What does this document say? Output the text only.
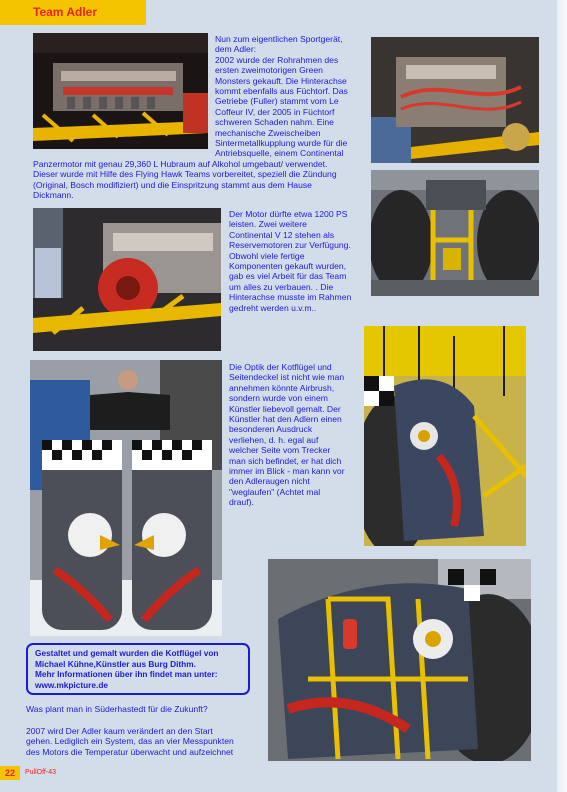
Team Adler
Nun zum eigentlichen Sportgerät,
dem Adler:
2002 wurde der Rohrahmen des
ersten zweimotorigen Green
Monsters gekauft. Die Hinterachse
kommt ebenfalls aus Füchtorf. Das
Getriebe (Fuller) stammt vom Le
Coffeur IV, der 2005 in Füchtorf
schweren Schaden nahm. Eine
mechanische Zweischeiben
Sintermetallkupplung wurde für die
Antriebsquelle, einem Continental
Panzermotor mit genau 29,360 L Hubraum auf Alkohol umgebaut/ verwendet.
Dieser wurde mit Hilfe des Flying Hawk Teams vorbereitet, speziell die Zündung
(Original, Bosch modifiziert) und die Einspritzung stammt aus dem Hause
Dickmann.
Der Motor dürfte etwa 1200 PS
leisten. Zwei weitere
Continental V 12 stehen als
Reservemotoren zur Verfügung.
Obwohl viele fertige
Komponenten gekauft wurden,
gab es viel Arbeit für das Team
um alles zu verbauen. . Die
Hinterachse musste im Rahmen
gedreht werden u.v.m..
Die Optik der Kotflügel und
Seitendeckel ist nicht wie man
annehmen könnte Airbrush,
sondern wurde von einem
Künstler liebevoll gemalt. Der
Künstler hat den Adlern einen
besonderen Ausdruck
verliehen, d. h. egal auf
welcher Seite vom Trecker
man sich befindet, er hat dich
immer im Blick - man kann vor
den Adleraugen nicht
"weglaufen" (Achtet mal
drauf).
Gestaltet und gemalt wurden die Kotflügel von
Michael Kühne,Künstler aus Burg Dithm.
Mehr Informationen über ihn findet man unter:
www.mkpicture.de
Was plant man in Süderhastedt für die Zukunft?
2007 wird Der Adler kaum verändert an den Start
gehen. Lediglich ein System, das an vier Messpunkten
des Motors die Temperatur überwacht und aufzeichnet
22	PullOff-43
